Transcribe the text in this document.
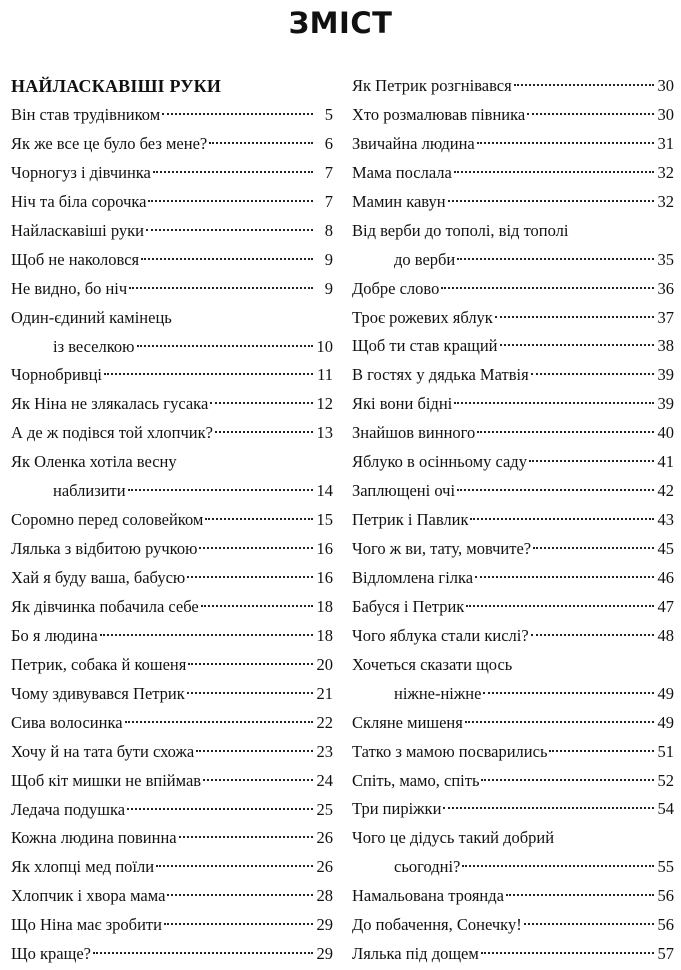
ЗМІСТ
НАЙЛАСКАВІШІ РУКИ
Він став трудівником	5
Як же все це було без мене?	6
Чорногуз і дівчинка	7
Ніч та біла сорочка	7
Найласкавіші руки	8
Щоб не наколовся	9
Не видно, бо ніч	9
Один-єдиний камінець
із веселкою	10
Чорнобривці	11
Як Ніна не злякалась гусака	12
А де ж подівся той хлопчик?	13
Як Оленка хотіла весну
наблизити	14
Соромно перед соловейком	15
Лялька з відбитою ручкою	16
Хай я буду ваша, бабусю	16
Як дівчинка побачила себе	18
Бо я людина	18
Петрик, собака й кошеня	20
Чому здивувався Петрик	21
Сива волосинка	22
Хочу й на тата бути схожа	23
Щоб кіт мишки не впіймав	24
Ледача подушка	25
Кожна людина повинна	26
Як хлопці мед поїли	26
Хлопчик і хвора мама	28
Що Ніна має зробити	29
Що краще?	29
Як Петрик розгнівався	30
Хто розмалював півника	30
Звичайна людина	31
Мама послала	32
Мамин кавун	32
Від верби до тополі, від тополі
до верби	35
Добре слово	36
Троє рожевих яблук	37
Щоб ти став кращий	38
В гостях у дядька Матвія	39
Які вони бідні	39
Знайшов винного	40
Яблуко в осінньому саду	41
Заплющені очі	42
Петрик і Павлик	43
Чого ж ви, тату, мовчите?	45
Відломлена гілка	46
Бабуся і Петрик	47
Чого яблука стали кислі?	48
Хочеться сказати щось
ніжне-ніжне	49
Скляне мишеня	49
Татко з мамою посварились	51
Спіть, мамо, спіть	52
Три пиріжки	54
Чого це дідусь такий добрий
сьогодні?	55
Намальована троянда	56
До побачення, Сонечку!	56
Лялька під дощем	57
